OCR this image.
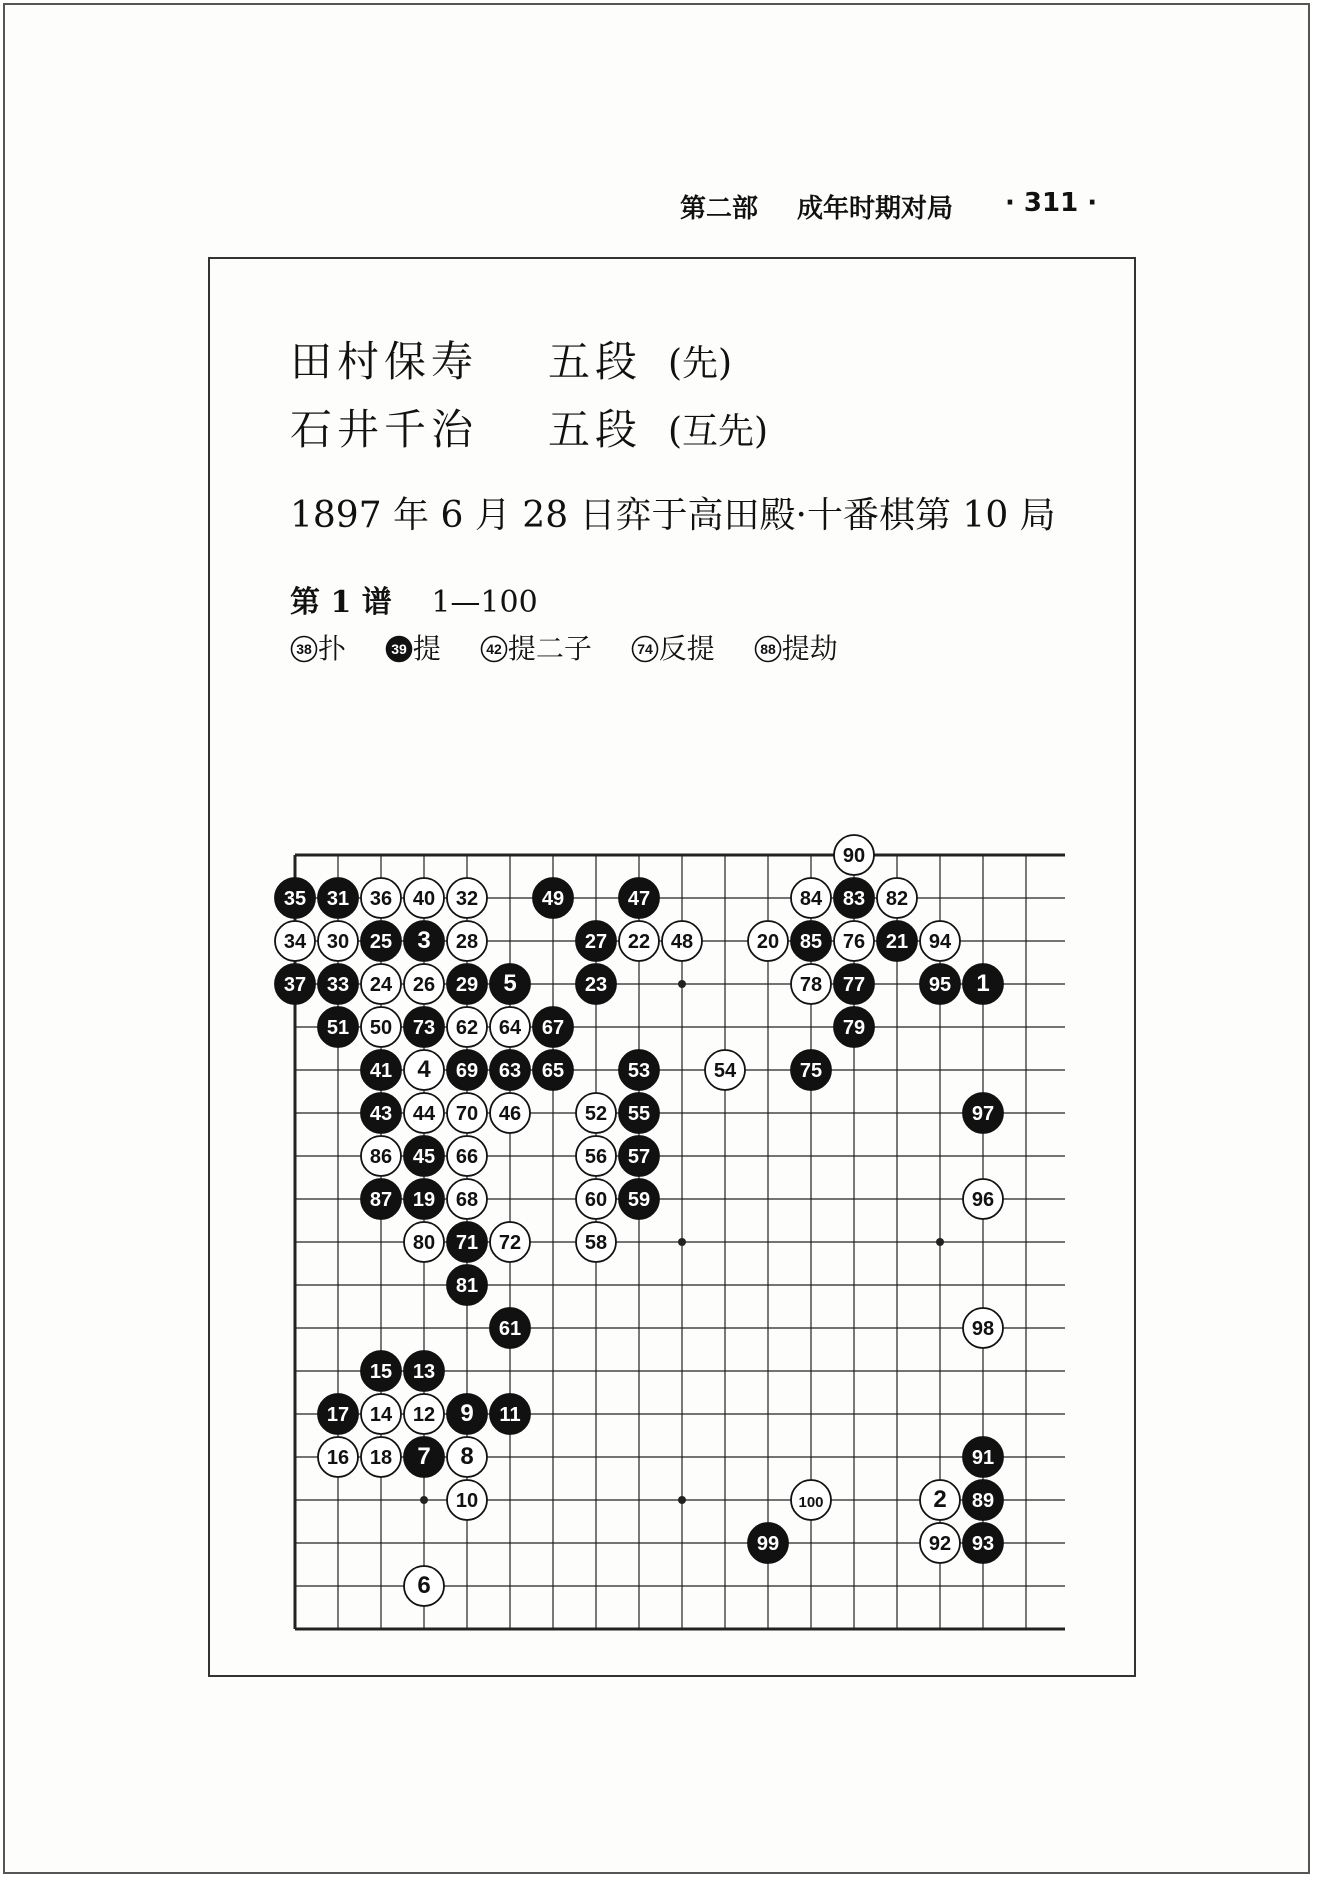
第二部 成年时期对局 · 311 ·
田村保寿 五段 (先)
石井千治 五段 (互先)
1897 年 6 月 28 日弈于高田殿·十番棋第 10 局
第 1 谱 1—100
38 扑	39 提	42 提二子	74 反提	88 提劫
1
2
3
4
5
6
7 8
9
10
11
12
13
14
15
16
17
18
19
20	21
22
23
24
25
26
27
28
29
30
31	32
33
34
35	36
37
40
41
43 44
45
46
47
48
49
50
51
52
53	54
55
56 57
58
59
60
61
62
63
64
65
66
67
68
69
70
71 72
73
75
76
77
78
79
80
81
82
83
84
85
86
87
89
90
91
92 93
94
95
96
97
98
99
100
